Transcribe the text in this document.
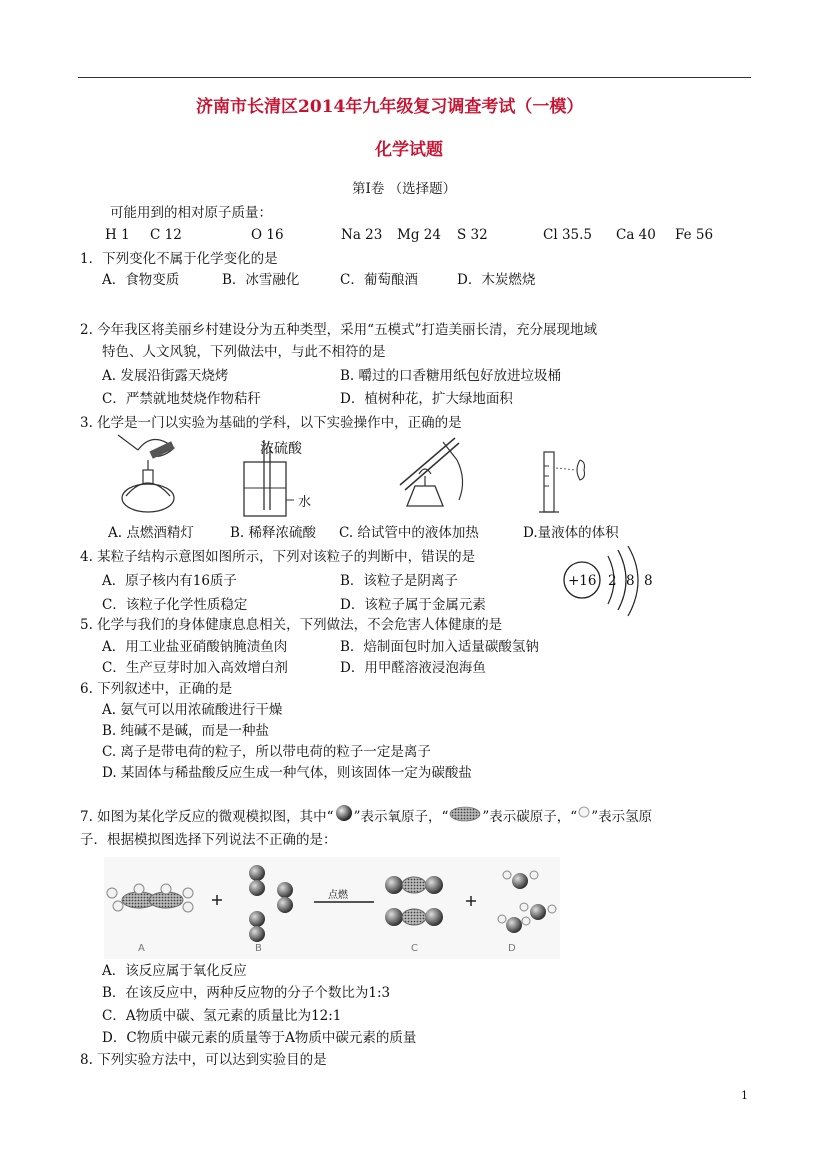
济南市长清区2014年九年级复习调查考试（一模）
化学试题
第Ⅰ卷 （选择题）
可能用到的相对原子质量：
H 1 C 12	O 16	Na 23 Mg 24 S 32	Cl 35.5 Ca 40 Fe 56
1．下列变化不属于化学变化的是
A．食物变质	B．冰雪融化	C．葡萄酿酒	D．木炭燃烧
2. 今年我区将美丽乡村建设分为五种类型，采用“五模式”打造美丽长清，充分展现地域
特色、人文风貌，下列做法中，与此不相符的是
A. 发展沿街露天烧烤	B. 嚼过的口香糖用纸包好放进垃圾桶
C．严禁就地焚烧作物秸秆	D．植树种花，扩大绿地面积
3. 化学是一门以实验为基础的学科，以下实验操作中，正确的是
浓硫酸
水
A. 点燃酒精灯	B. 稀释浓硫酸 C. 给试管中的液体加热	D.量液体的体积
4. 某粒子结构示意图如图所示，下列对该粒子的判断中，错误的是
A．原子核内有16质子	B．该粒子是阴离子
C．该粒子化学性质稳定	D．该粒子属于金属元素
+16 2 8 8
5. 化学与我们的身体健康息息相关，下列做法，不会危害人体健康的是
A．用工业盐亚硝酸钠腌渍鱼肉	B．焙制面包时加入适量碳酸氢钠
C．生产豆芽时加入高效增白剂	D．用甲醛溶液浸泡海鱼
6. 下列叙述中，正确的是
A. 氨气可以用浓硫酸进行干燥
B. 纯碱不是碱，而是一种盐
C. 离子是带电荷的粒子，所以带电荷的粒子一定是离子
D. 某固体与稀盐酸反应生成一种气体，则该固体一定为碳酸盐
7. 如图为某化学反应的微观模拟图，其中“ ”表示氧原子，“	”表示碳原子，“ ”表示氢原
子．根据模拟图选择下列说法不正确的是：
点燃
A	B	C	D
A．该反应属于氧化反应
B．在该反应中，两种反应物的分子个数比为1:3
C．A物质中碳、氢元素的质量比为12:1
D．C物质中碳元素的质量等于A物质中碳元素的质量
8. 下列实验方法中，可以达到实验目的是
1
